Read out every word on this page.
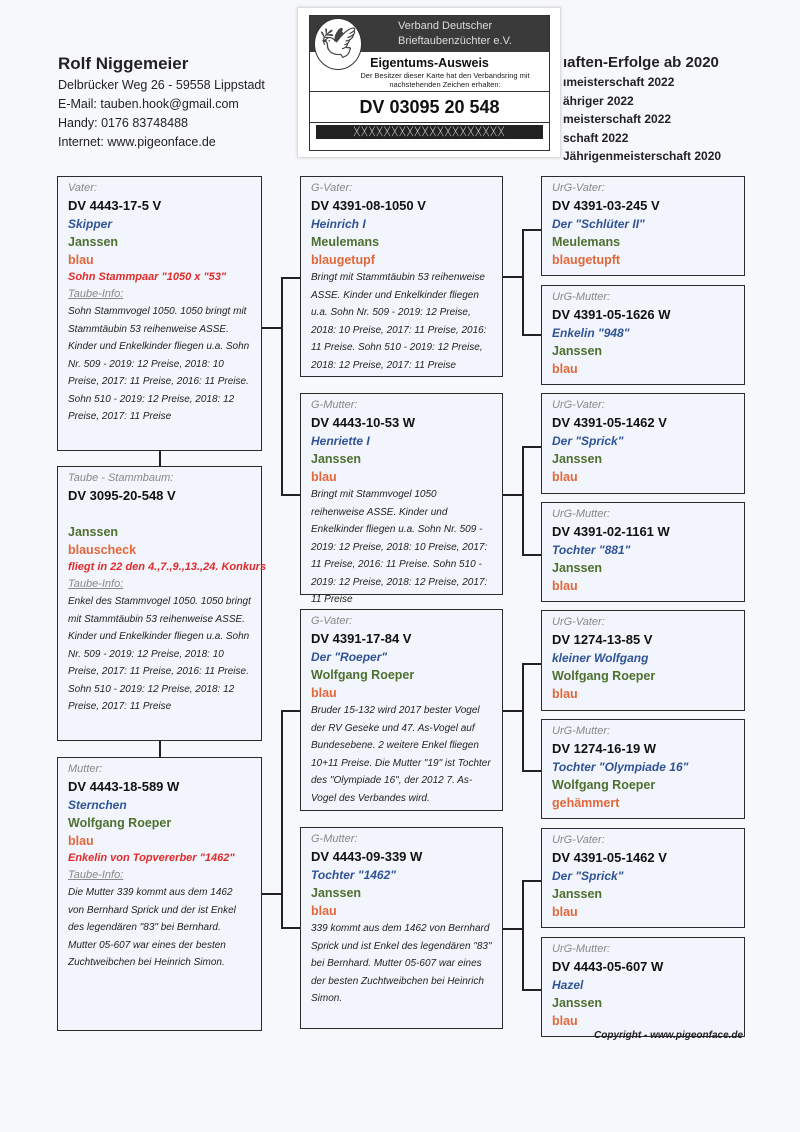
Rolf Niggemeier
Delbrücker Weg 26 - 59558 Lippstadt
E-Mail: tauben.hook@gmail.com
Handy: 0176 83748488
Internet: www.pigeonface.de
Verband Deutscher
Brieftaubenzüchter e.V.
🕊
Eigentums-Ausweis
Der Besitzer dieser Karte hat den Verbandsring mit nachstehenden Zeichen erhalten:
DV 03095 20 548
ᚷᚷᚷᚷᚷᚷᚷᚷᚷᚷᚷᚷᚷᚷᚷᚷᚷᚷᚷᚷ
ıaften-Erfolge ab 2020
ımeisterschaft 2022
ähriger 2022
meisterschaft 2022
schaft 2022
Jährigenmeisterschaft 2020
Vater:
DV 4443-17-5 V
Skipper
Janssen
blau
Sohn Stammpaar "1050 x "53"
Taube-Info:
Sohn Stammvogel 1050. 1050 bringt mit Stammtäubin 53 reihenweise ASSE. Kinder und Enkelkinder fliegen u.a. Sohn Nr. 509 - 2019: 12 Preise, 2018: 10 Preise, 2017: 11 Preise, 2016: 11 Preise. Sohn 510 - 2019: 12 Preise, 2018: 12 Preise, 2017: 11 Preise
Taube - Stammbaum:
DV 3095-20-548 V
Janssen
blauscheck
fliegt in 22 den 4.,7.,9.,13.,24. Konkurs
Taube-Info:
Enkel des Stammvogel 1050. 1050 bringt mit Stammtäubin 53 reihenweise ASSE. Kinder und Enkelkinder fliegen u.a. Sohn Nr. 509 - 2019: 12 Preise, 2018: 10 Preise, 2017: 11 Preise, 2016: 11 Preise. Sohn 510 - 2019: 12 Preise, 2018: 12 Preise, 2017: 11 Preise
Mutter:
DV 4443-18-589 W
Sternchen
Wolfgang Roeper
blau
Enkelin von Topvererber "1462"
Taube-Info:
Die Mutter 339 kommt aus dem 1462 von Bernhard Sprick und der ist Enkel des legendären "83" bei Bernhard. Mutter 05-607 war eines der besten Zuchtweibchen bei Heinrich Simon.
G-Vater:
DV 4391-08-1050 V
Heinrich I
Meulemans
blaugetupf
Bringt mit Stammtäubin 53 reihenweise ASSE. Kinder und Enkelkinder fliegen u.a. Sohn Nr. 509 - 2019: 12 Preise, 2018: 10 Preise, 2017: 11 Preise, 2016: 11 Preise. Sohn 510 - 2019: 12 Preise, 2018: 12 Preise, 2017: 11 Preise
G-Mutter:
DV 4443-10-53 W
Henriette I
Janssen
blau
Bringt mit Stammvogel 1050 reihenweise ASSE. Kinder und Enkelkinder fliegen u.a. Sohn Nr. 509 - 2019: 12 Preise, 2018: 10 Preise, 2017: 11 Preise, 2016: 11 Preise. Sohn 510 - 2019: 12 Preise, 2018: 12 Preise, 2017: 11 Preise
G-Vater:
DV 4391-17-84 V
Der "Roeper"
Wolfgang Roeper
blau
Bruder 15-132 wird 2017 bester Vogel der RV Geseke und 47. As-Vogel auf Bundesebene. 2 weitere Enkel fliegen 10+11 Preise. Die Mutter "19" ist Tochter des "Olympiade 16", der 2012 7. As-Vogel des Verbandes wird.
G-Mutter:
DV 4443-09-339 W
Tochter "1462"
Janssen
blau
339 kommt aus dem 1462 von Bernhard Sprick und ist Enkel des legendären "83" bei Bernhard. Mutter 05-607 war eines der besten Zuchtweibchen bei Heinrich Simon.
UrG-Vater:
DV 4391-03-245 V
Der "Schlüter II"
Meulemans
blaugetupft
UrG-Mutter:
DV 4391-05-1626 W
Enkelin "948"
Janssen
blau
UrG-Vater:
DV 4391-05-1462 V
Der "Sprick"
Janssen
blau
UrG-Mutter:
DV 4391-02-1161 W
Tochter "881"
Janssen
blau
UrG-Vater:
DV 1274-13-85 V
kleiner Wolfgang
Wolfgang Roeper
blau
UrG-Mutter:
DV 1274-16-19 W
Tochter "Olympiade 16"
Wolfgang Roeper
gehämmert
UrG-Vater:
DV 4391-05-1462 V
Der "Sprick"
Janssen
blau
UrG-Mutter:
DV 4443-05-607 W
Hazel
Janssen
blau
Copyright - www.pigeonface.de
